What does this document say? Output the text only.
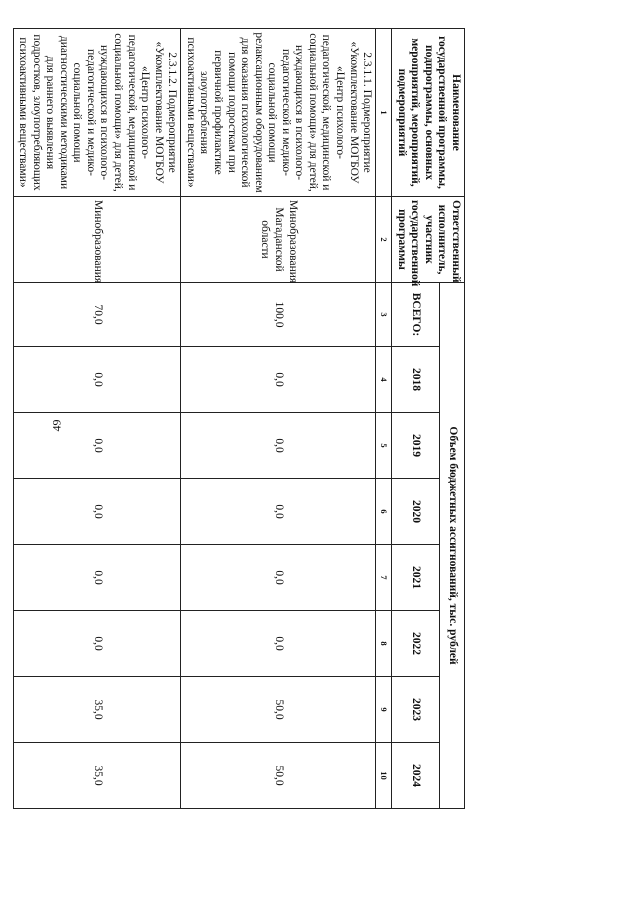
49
Наименование государственной программы, подпрограммы, основных мероприятий, мероприятий, подмероприятий	Ответственный исполнитель, участник государственной программы	Объем бюджетных ассигнований, тыс. рублей							
		ВСЕГО:	2018	2019	2020	2021	2022	2023	2024
1	2	3	4	5	6	7	8	9	10
2.3.1.1. Подмероприятие «Укомплектование МОГБОУ «Центр психолого-педагогической, медицинской и социальной помощи» для детей, нуждающихся в психолого-педагогической и медико-социальной помощи релаксационным оборудованием для оказания психологической помощи подросткам при первичной профилактике злоупотребления психоактивными веществами»	Минобразования Магаданской области	100,0	0,0	0,0	0,0	0,0	0,0	50,0	50,0
2.3.1.2. Подмероприятие «Укомплектование МОГБОУ «Центр психолого-педагогической, медицинской и социальной помощи» для детей, нуждающихся в психолого-педагогической и медико-социальной помощи диагностическими методиками для раннего выявления подростков, злоупотребляющих психоактивными веществами»	Минобразования	70,0	0,0	0,0	0,0	0,0	0,0	35,0	35,0
